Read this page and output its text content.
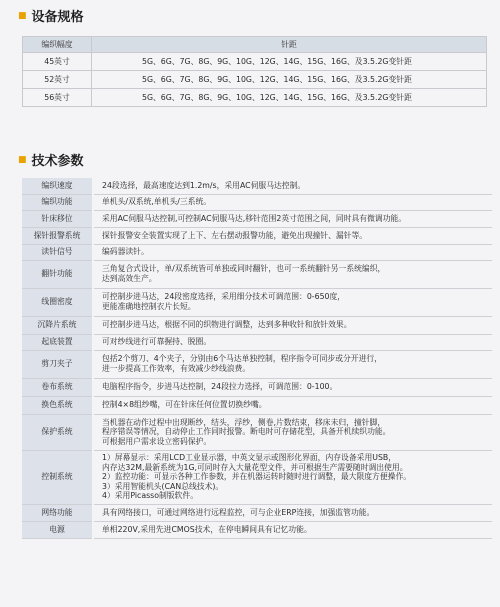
■ 设备规格
编织幅度	针距
45英寸	5G、6G、7G、8G、9G、10G、12G、14G、15G、16G、及3.5.2G变针距
52英寸	5G、6G、7G、8G、9G、10G、12G、14G、15G、16G、及3.5.2G变针距
56英寸	5G、6G、7G、8G、9G、10G、12G、14G、15G、16G、及3.5.2G变针距
■ 技术参数
编织速度	24段选择，最高速度达到1.2m/s，采用AC伺服马达控制。

编织功能	单机头/双系统,单机头/三系统。

针床移位	采用AC伺服马达控制,可控制AC伺服马达,移针范围2英寸范围之间，同时具有微调功能。

探针报警系统	探针报警安全装置实现了上下、左右摆动报警功能，避免出现撞针、漏针等。

读针信号	编码器读针。

翻针功能	三角复合式设计，单/双系统皆可单独或同时翻针，也可一系统翻针另一系统编织，
达到高效生产。

线圈密度	可控制步进马达，24段密度选择，采用细分技术可调范围：0-650度，
更能准确地控制衣片长短。

沉降片系统	可控制步进马达，根据不同的织物进行调整，达到多种收针和放针效果。

起底装置	可对纱线进行可靠握持、脱圈。

剪刀夹子	包括2个剪刀、4个夹子，分别由6个马达单独控制，程序指令可同步或分开进行，
进一步提高工作效率，有效减少纱线浪费。

卷布系统	电脑程序指令，步进马达控制，24段拉力选择，可调范围：0-100。

换色系统	控制4×8组纱嘴，可在针床任何位置切换纱嘴。

保护系统	当机器在动作过程中出现断纱，结头，浮纱，侧卷,片数结束，移床未归，撞针脚，
程序错误等情况，自动停止工作同时报警。断电时可存储花型，具备开机续织功能。
可根据用户需求设立密码保护。

控制系统	1）屏幕显示：采用LCD工业显示器，中英文显示或图形化界面，内存设备采用USB，
内存达32M,最新系统为1G,可同时存入大量花型文件，并可根据生产需要随时调出使用。
2）监控功能：可显示各种工作参数，并在机器运转时随时进行调整，最大限度方便操作。
3）采用智能机头(CAN总线技术)。
4）采用Picasso制版软件。

网络功能	具有网络接口，可通过网络进行远程监控，可与企业ERP连接，加强监管功能。

电源	单相220V,采用先进CMOS技术，在停电瞬间具有记忆功能。
